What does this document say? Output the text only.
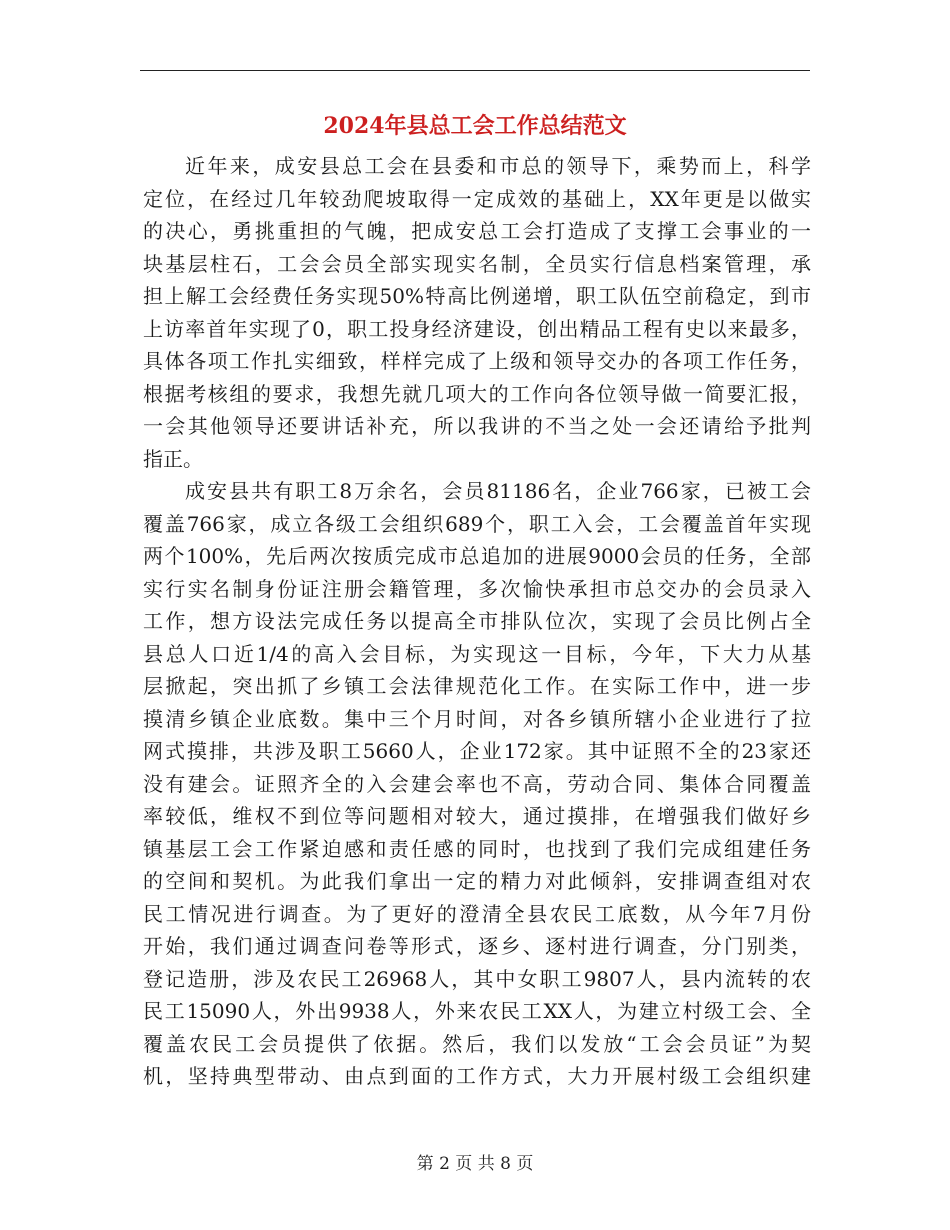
2024年县总工会工作总结范文
近年来，成安县总工会在县委和市总的领导下，乘势而上，科学
定位，在经过几年较劲爬坡取得一定成效的基础上，XX年更是以做实
的决心，勇挑重担的气魄，把成安总工会打造成了支撑工会事业的一
块基层柱石，工会会员全部实现实名制，全员实行信息档案管理，承
担上解工会经费任务实现50%特高比例递增，职工队伍空前稳定，到市
上访率首年实现了0，职工投身经济建设，创出精品工程有史以来最多，
具体各项工作扎实细致，样样完成了上级和领导交办的各项工作任务，
根据考核组的要求，我想先就几项大的工作向各位领导做一简要汇报，
一会其他领导还要讲话补充，所以我讲的不当之处一会还请给予批判
指正。
成安县共有职工8万余名，会员81186名，企业766家，已被工会
覆盖766家，成立各级工会组织689个，职工入会，工会覆盖首年实现
两个100%，先后两次按质完成市总追加的进展9000会员的任务，全部
实行实名制身份证注册会籍管理，多次愉快承担市总交办的会员录入
工作，想方设法完成任务以提高全市排队位次，实现了会员比例占全
县总人口近1/4的高入会目标，为实现这一目标，今年，下大力从基
层掀起，突出抓了乡镇工会法律规范化工作。在实际工作中，进一步
摸清乡镇企业底数。集中三个月时间，对各乡镇所辖小企业进行了拉
网式摸排，共涉及职工5660人，企业172家。其中证照不全的23家还
没有建会。证照齐全的入会建会率也不高，劳动合同、集体合同覆盖
率较低，维权不到位等问题相对较大，通过摸排，在增强我们做好乡
镇基层工会工作紧迫感和责任感的同时，也找到了我们完成组建任务
的空间和契机。为此我们拿出一定的精力对此倾斜，安排调查组对农
民工情况进行调查。为了更好的澄清全县农民工底数，从今年7月份
开始，我们通过调查问卷等形式，逐乡、逐村进行调查，分门别类，
登记造册，涉及农民工26968人，其中女职工9807人，县内流转的农
民工15090人，外出9938人，外来农民工XX人，为建立村级工会、全
覆盖农民工会员提供了依据。然后，我们以发放“工会会员证”为契
机，坚持典型带动、由点到面的工作方式，大力开展村级工会组织建
第 2 页 共 8 页
